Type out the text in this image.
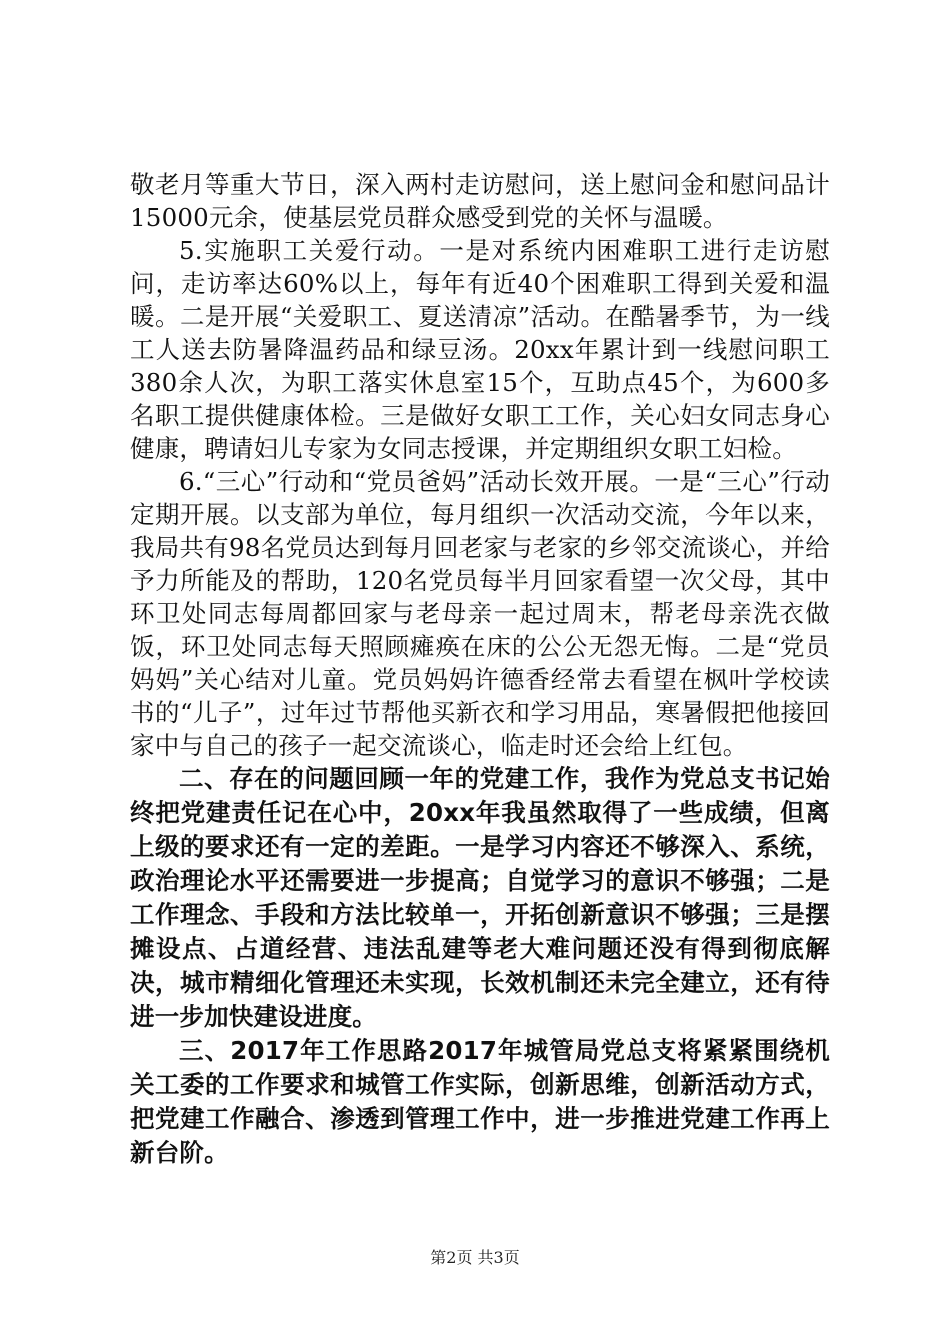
敬老月等重大节日，深入两村走访慰问，送上慰问金和慰问品计15000元余，使基层党员群众感受到党的关怀与温暖。

5.实施职工关爱行动。一是对系统内困难职工进行走访慰问，走访率达60%以上，每年有近40个困难职工得到关爱和温暖。二是开展“关爱职工、夏送清凉”活动。在酷暑季节，为一线工人送去防暑降温药品和绿豆汤。20xx年累计到一线慰问职工380余人次，为职工落实休息室15个，互助点45个，为600多名职工提供健康体检。三是做好女职工工作，关心妇女同志身心健康，聘请妇儿专家为女同志授课，并定期组织女职工妇检。

6.“三心”行动和“党员爸妈”活动长效开展。一是“三心”行动定期开展。以支部为单位，每月组织一次活动交流，今年以来，我局共有98名党员达到每月回老家与老家的乡邻交流谈心，并给予力所能及的帮助，120名党员每半月回家看望一次父母，其中环卫处同志每周都回家与老母亲一起过周末，帮老母亲洗衣做饭，环卫处同志每天照顾瘫痪在床的公公无怨无悔。二是“党员妈妈”关心结对儿童。党员妈妈许德香经常去看望在枫叶学校读书的“儿子”，过年过节帮他买新衣和学习用品，寒暑假把他接回家中与自己的孩子一起交流谈心，临走时还会给上红包。

二、存在的问题回顾一年的党建工作，我作为党总支书记始终把党建责任记在心中，20xx年我虽然取得了一些成绩，但离上级的要求还有一定的差距。一是学习内容还不够深入、系统，政治理论水平还需要进一步提高；自觉学习的意识不够强；二是工作理念、手段和方法比较单一，开拓创新意识不够强；三是摆摊设点、占道经营、违法乱建等老大难问题还没有得到彻底解决，城市精细化管理还未实现，长效机制还未完全建立，还有待进一步加快建设进度。

三、2017年工作思路2017年城管局党总支将紧紧围绕机关工委的工作要求和城管工作实际，创新思维，创新活动方式，把党建工作融合、渗透到管理工作中，进一步推进党建工作再上新台阶。

第2页 共3页
